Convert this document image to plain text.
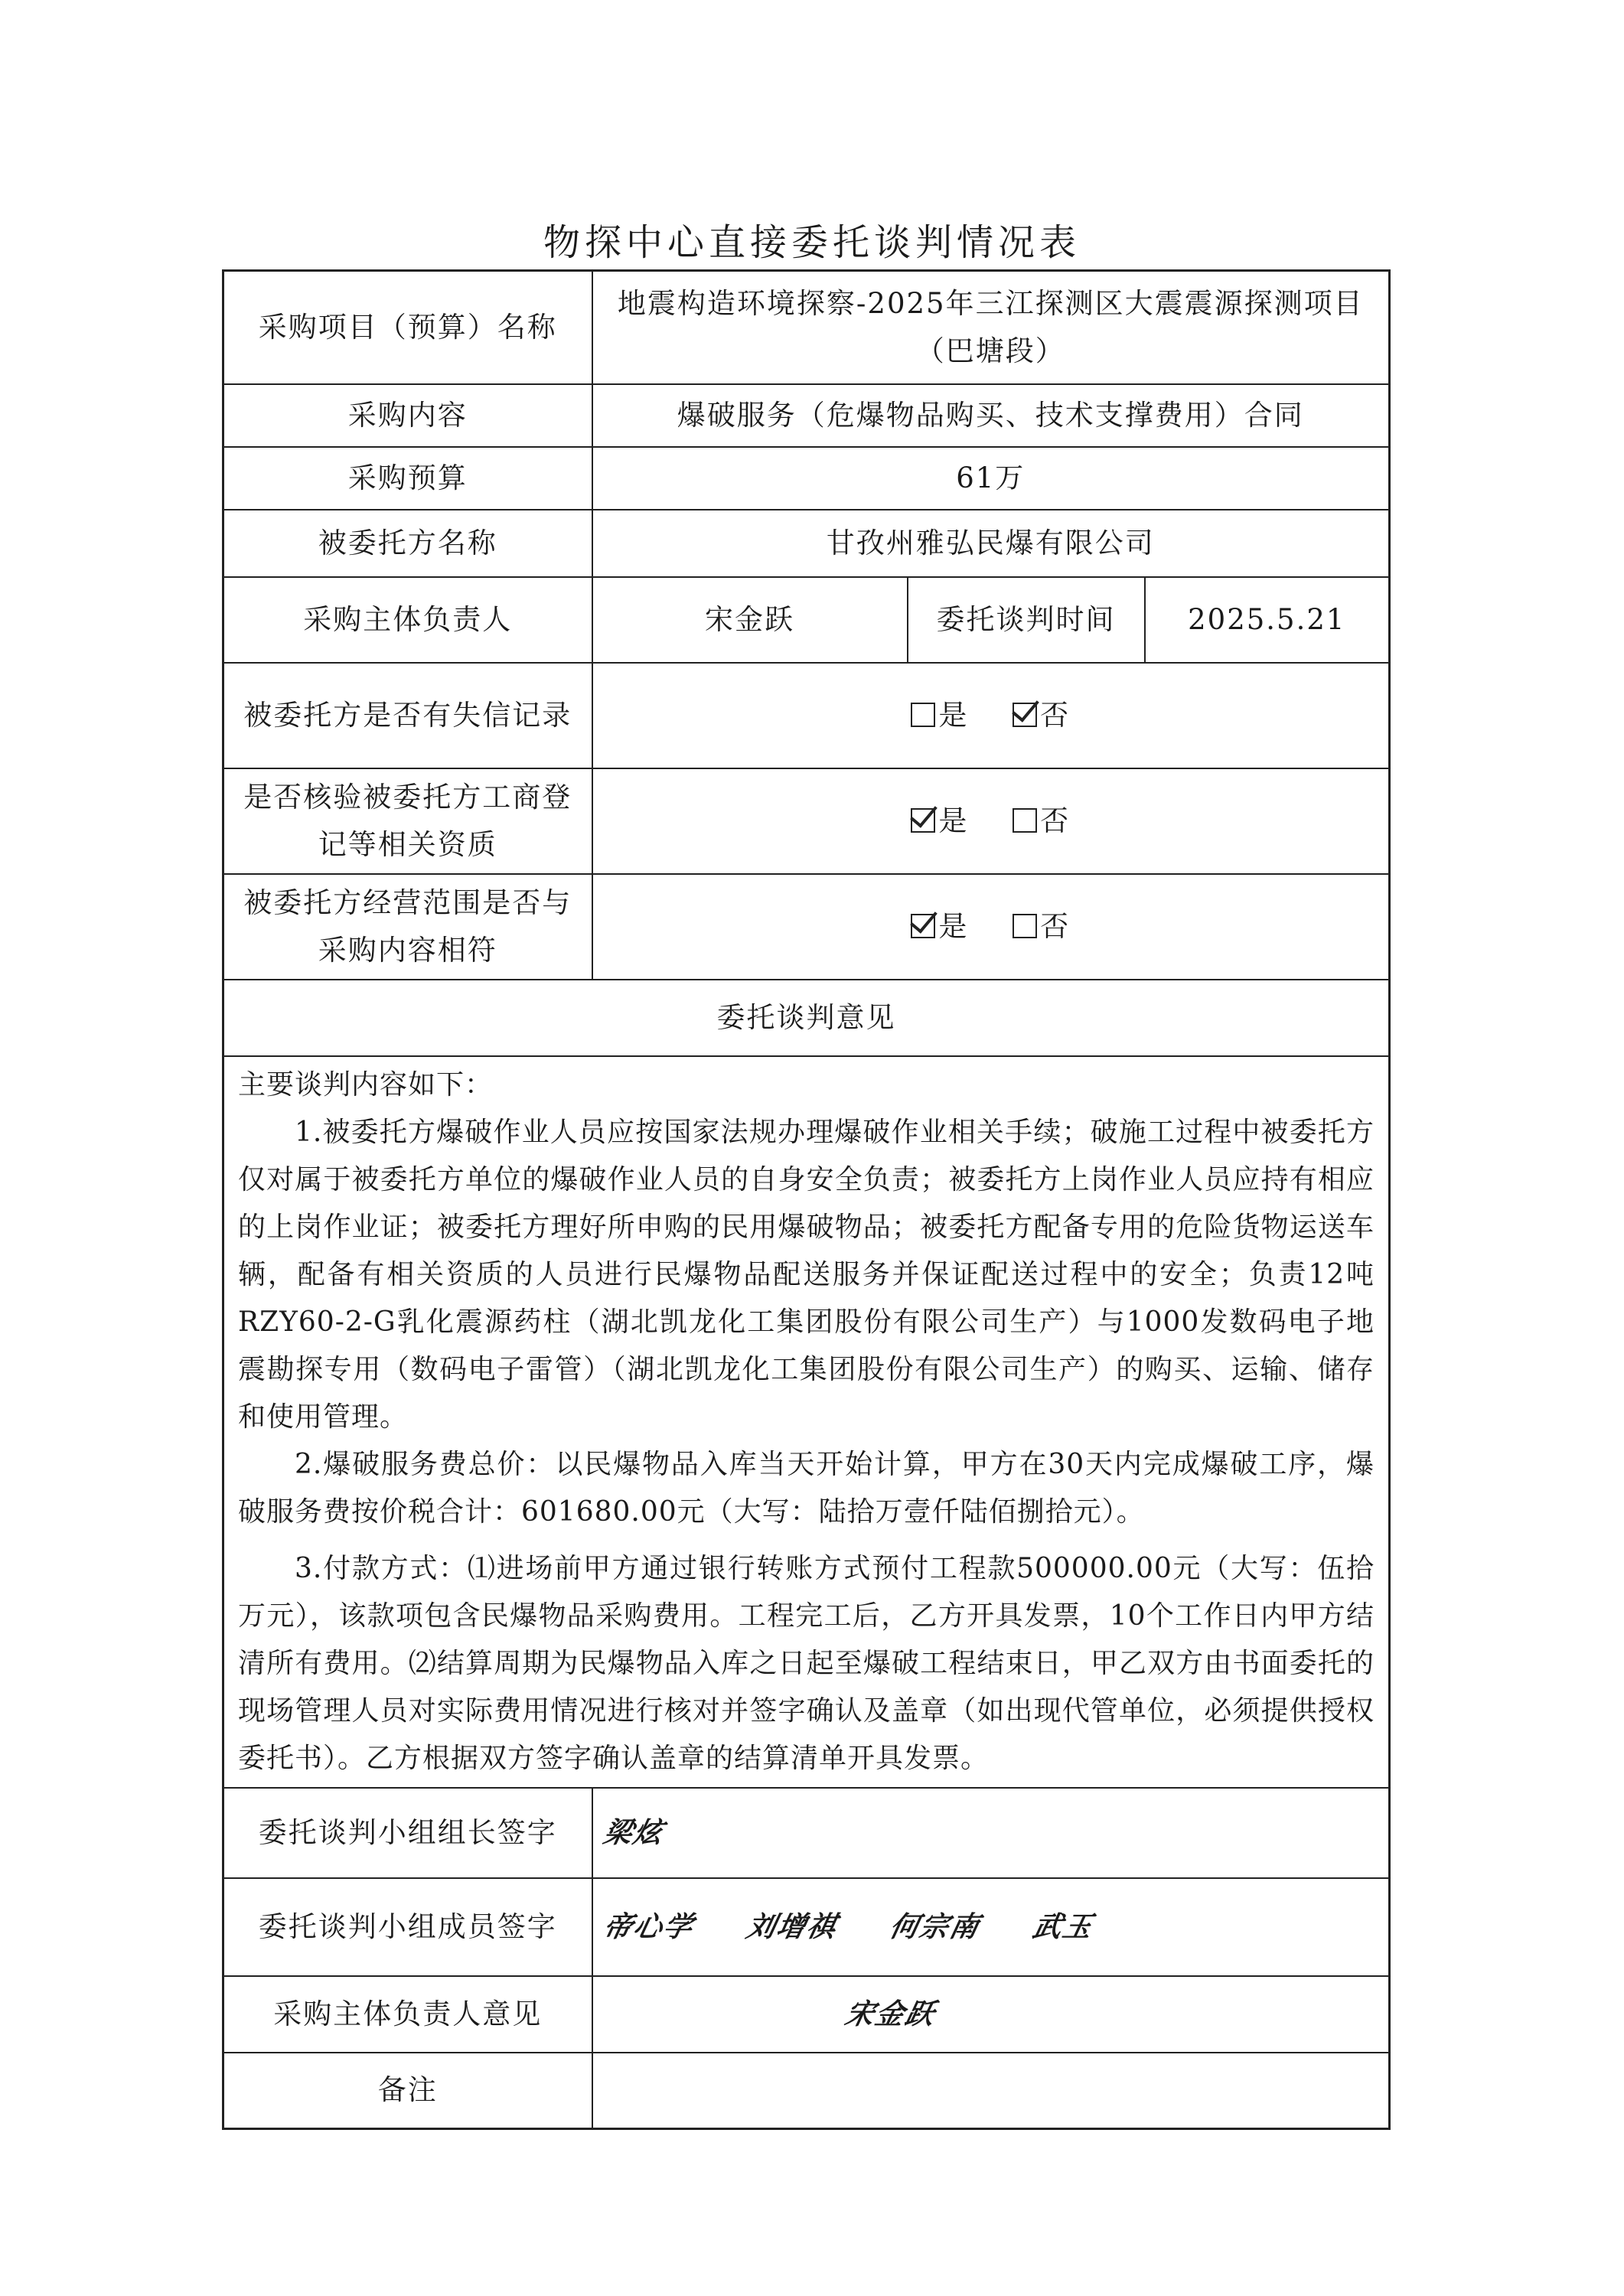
物探中心直接委托谈判情况表
采购项目（预算）名称	地震构造环境探察-2025年三江探测区大震震源探测项目（巴塘段）		
采购内容	爆破服务（危爆物品购买、技术支撑费用）合同		
采购预算	61万		
被委托方名称	甘孜州雅弘民爆有限公司		
采购主体负责人	宋金跃	委托谈判时间	2025.5.21
被委托方是否有失信记录	是 否		
是否核验被委托方工商登记等相关资质	是 否		
被委托方经营范围是否与采购内容相符	是 否		
委托谈判意见			

主要谈判内容如下：

1.被委托方爆破作业人员应按国家法规办理爆破作业相关手续；破施工过程中被委托方仅对属于被委托方单位的爆破作业人员的自身安全负责；被委托方上岗作业人员应持有相应的上岗作业证；被委托方理好所申购的民用爆破物品；被委托方配备专用的危险货物运送车辆，配备有相关资质的人员进行民爆物品配送服务并保证配送过程中的安全；负责12吨RZY60-2-G乳化震源药柱（湖北凯龙化工集团股份有限公司生产）与1000发数码电子地震勘探专用（数码电子雷管）（湖北凯龙化工集团股份有限公司生产）的购买、运输、储存和使用管理。

2.爆破服务费总价：以民爆物品入库当天开始计算，甲方在30天内完成爆破工序，爆破服务费按价税合计：601680.00元（大写：陆拾万壹仟陆佰捌拾元）。

3.付款方式：⑴进场前甲方通过银行转账方式预付工程款500000.00元（大写：伍拾万元），该款项包含民爆物品采购费用。工程完工后，乙方开具发票，10个工作日内甲方结清所有费用。⑵结算周期为民爆物品入库之日起至爆破工程结束日，甲乙双方由书面委托的现场管理人员对实际费用情况进行核对并签字确认及盖章（如出现代管单位，必须提供授权委托书）。乙方根据双方签字确认盖章的结算清单开具发票。			

委托谈判小组组长签字	梁炫		
委托谈判小组成员签字	帝心学 刘增祺 何宗南 武玉		
采购主体负责人意见	宋金跃		
备注			
